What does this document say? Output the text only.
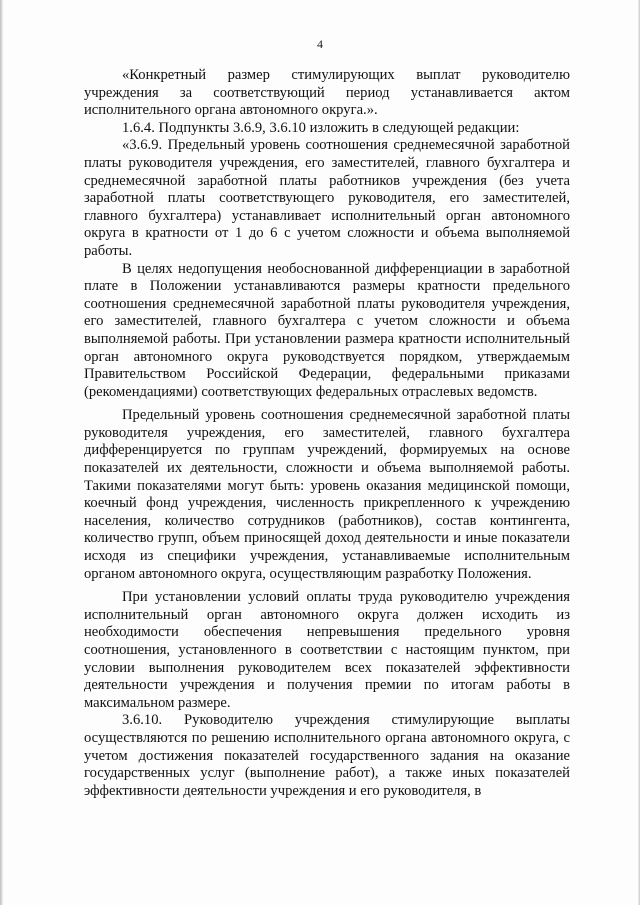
4

«Конкретный размер стимулирующих выплат руководителю учреждения за соответствующий период устанавливается актом исполнительного органа автономного округа.».

1.6.4. Подпункты 3.6.9, 3.6.10 изложить в следующей редакции:

«3.6.9. Предельный уровень соотношения среднемесячной заработной платы руководителя учреждения, его заместителей, главного бухгалтера и среднемесячной заработной платы работников учреждения (без учета заработной платы соответствующего руководителя, его заместителей, главного бухгалтера) устанавливает исполнительный орган автономного округа в кратности от 1 до 6 с учетом сложности и объема выполняемой работы.

В целях недопущения необоснованной дифференциации в заработной плате в Положении устанавливаются размеры кратности предельного соотношения среднемесячной заработной платы руководителя учреждения, его заместителей, главного бухгалтера с учетом сложности и объема выполняемой работы. При установлении размера кратности исполнительный орган автономного округа руководствуется порядком, утверждаемым Правительством Российской Федерации, федеральными приказами (рекомендациями) соответствующих федеральных отраслевых ведомств.

Предельный уровень соотношения среднемесячной заработной платы руководителя учреждения, его заместителей, главного бухгалтера дифференцируется по группам учреждений, формируемых на основе показателей их деятельности, сложности и объема выполняемой работы. Такими показателями могут быть: уровень оказания медицинской помощи, коечный фонд учреждения, численность прикрепленного к учреждению населения, количество сотрудников (работников), состав контингента, количество групп, объем приносящей доход деятельности и иные показатели исходя из специфики учреждения, устанавливаемые исполнительным органом автономного округа, осуществляющим разработку Положения.

При установлении условий оплаты труда руководителю учреждения исполнительный орган автономного округа должен исходить из необходимости обеспечения непревышения предельного уровня соотношения, установленного в соответствии с настоящим пунктом, при условии выполнения руководителем всех показателей эффективности деятельности учреждения и получения премии по итогам работы в максимальном размере.

3.6.10. Руководителю учреждения стимулирующие выплаты осуществляются по решению исполнительного органа автономного округа, с учетом достижения показателей государственного задания на оказание государственных услуг (выполнение работ), а также иных показателей эффективности деятельности учреждения и его руководителя, в
